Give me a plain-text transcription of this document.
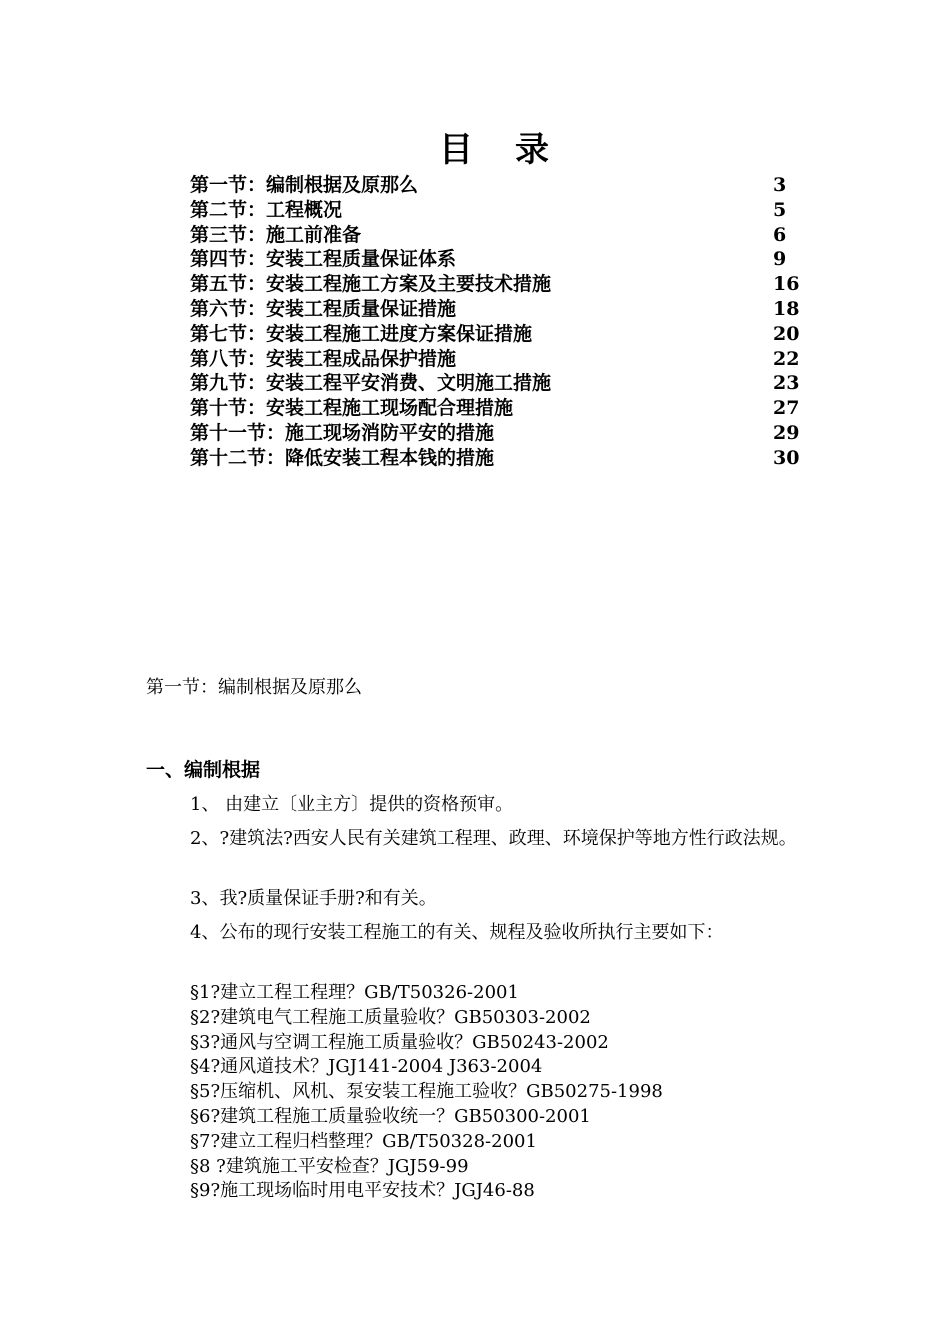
目录
第一节：编制根据及原那么	3
第二节：工程概况	5
第三节：施工前准备	6
第四节：安装工程质量保证体系	9
第五节：安装工程施工方案及主要技术措施	16
第六节：安装工程质量保证措施	18
第七节：安装工程施工进度方案保证措施	20
第八节：安装工程成品保护措施	22
第九节：安装工程平安消费、文明施工措施	23
第十节：安装工程施工现场配合理措施	27
第十一节：施工现场消防平安的措施	29
第十二节：降低安装工程本钱的措施	30
第一节：编制根据及原那么
一、编制根据

1、 由建立〔业主方〕提供的资格预审。

2、?建筑法?西安人民有关建筑工程理、政理、环境保护等地方性行政法规。

3、我?质量保证手册?和有关。

4、公布的现行安装工程施工的有关、规程及验收所执行主要如下：

§1?建立工程工程理？GB/T50326-2001
§2?建筑电气工程施工质量验收？GB50303-2002
§3?通风与空调工程施工质量验收？GB50243-2002
§4?通风道技术？JGJ141-2004 J363-2004
§5?压缩机、风机、泵安装工程施工验收？GB50275-1998
§6?建筑工程施工质量验收统一？GB50300-2001
§7?建立工程归档整理？GB/T50328-2001
§8 ?建筑施工平安检查？JGJ59-99
§9?施工现场临时用电平安技术？JGJ46-88
